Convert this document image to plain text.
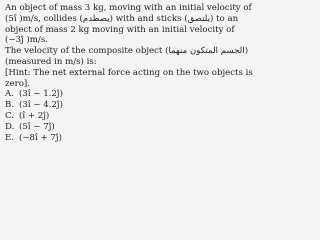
An object of mass 3 kg, moving with an initial velocity of
(5î )m/s, collides (يصطدم) with and sticks (يلتصق) to an
object of mass 2 kg moving with an initial velocity of
(−3ĵ )m/s.
The velocity of the composite object (الجسم المتكون منهما)
(measured in m/s) is:
[Hint: The net external force acting on the two objects is
zero].
A. (3î − 1.2ĵ)
B. (3î − 4.2ĵ)
C. (î + 2ĵ)
D. (5î − 7ĵ)
E. (−8î + 7ĵ)
